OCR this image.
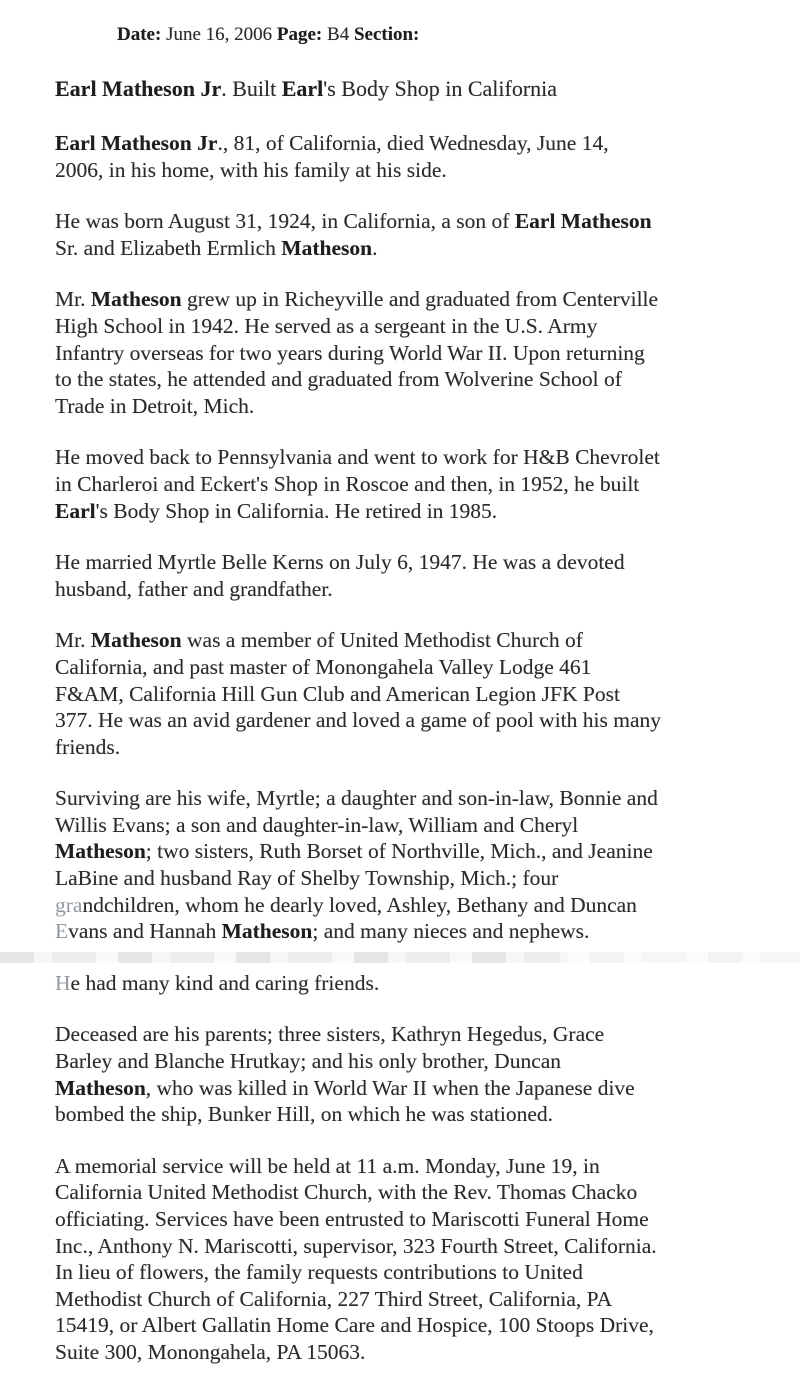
Date: June 16, 2006 Page: B4 Section:
Earl Matheson Jr. Built Earl's Body Shop in California
Earl Matheson Jr., 81, of California, died Wednesday, June 14,
2006, in his home, with his family at his side.
He was born August 31, 1924, in California, a son of Earl Matheson
Sr. and Elizabeth Ermlich Matheson.
Mr. Matheson grew up in Richeyville and graduated from Centerville
High School in 1942. He served as a sergeant in the U.S. Army
Infantry overseas for two years during World War II. Upon returning
to the states, he attended and graduated from Wolverine School of
Trade in Detroit, Mich.
He moved back to Pennsylvania and went to work for H&B Chevrolet
in Charleroi and Eckert's Shop in Roscoe and then, in 1952, he built
Earl's Body Shop in California. He retired in 1985.
He married Myrtle Belle Kerns on July 6, 1947. He was a devoted
husband, father and grandfather.
Mr. Matheson was a member of United Methodist Church of
California, and past master of Monongahela Valley Lodge 461
F&AM, California Hill Gun Club and American Legion JFK Post
377. He was an avid gardener and loved a game of pool with his many
friends.
Surviving are his wife, Myrtle; a daughter and son-in-law, Bonnie and
Willis Evans; a son and daughter-in-law, William and Cheryl
Matheson; two sisters, Ruth Borset of Northville, Mich., and Jeanine
LaBine and husband Ray of Shelby Township, Mich.; four
grandchildren, whom he dearly loved, Ashley, Bethany and Duncan
Evans and Hannah Matheson; and many nieces and nephews.
He had many kind and caring friends.
Deceased are his parents; three sisters, Kathryn Hegedus, Grace
Barley and Blanche Hrutkay; and his only brother, Duncan
Matheson, who was killed in World War II when the Japanese dive
bombed the ship, Bunker Hill, on which he was stationed.
A memorial service will be held at 11 a.m. Monday, June 19, in
California United Methodist Church, with the Rev. Thomas Chacko
officiating. Services have been entrusted to Mariscotti Funeral Home
Inc., Anthony N. Mariscotti, supervisor, 323 Fourth Street, California.
In lieu of flowers, the family requests contributions to United
Methodist Church of California, 227 Third Street, California, PA
15419, or Albert Gallatin Home Care and Hospice, 100 Stoops Drive,
Suite 300, Monongahela, PA 15063.
